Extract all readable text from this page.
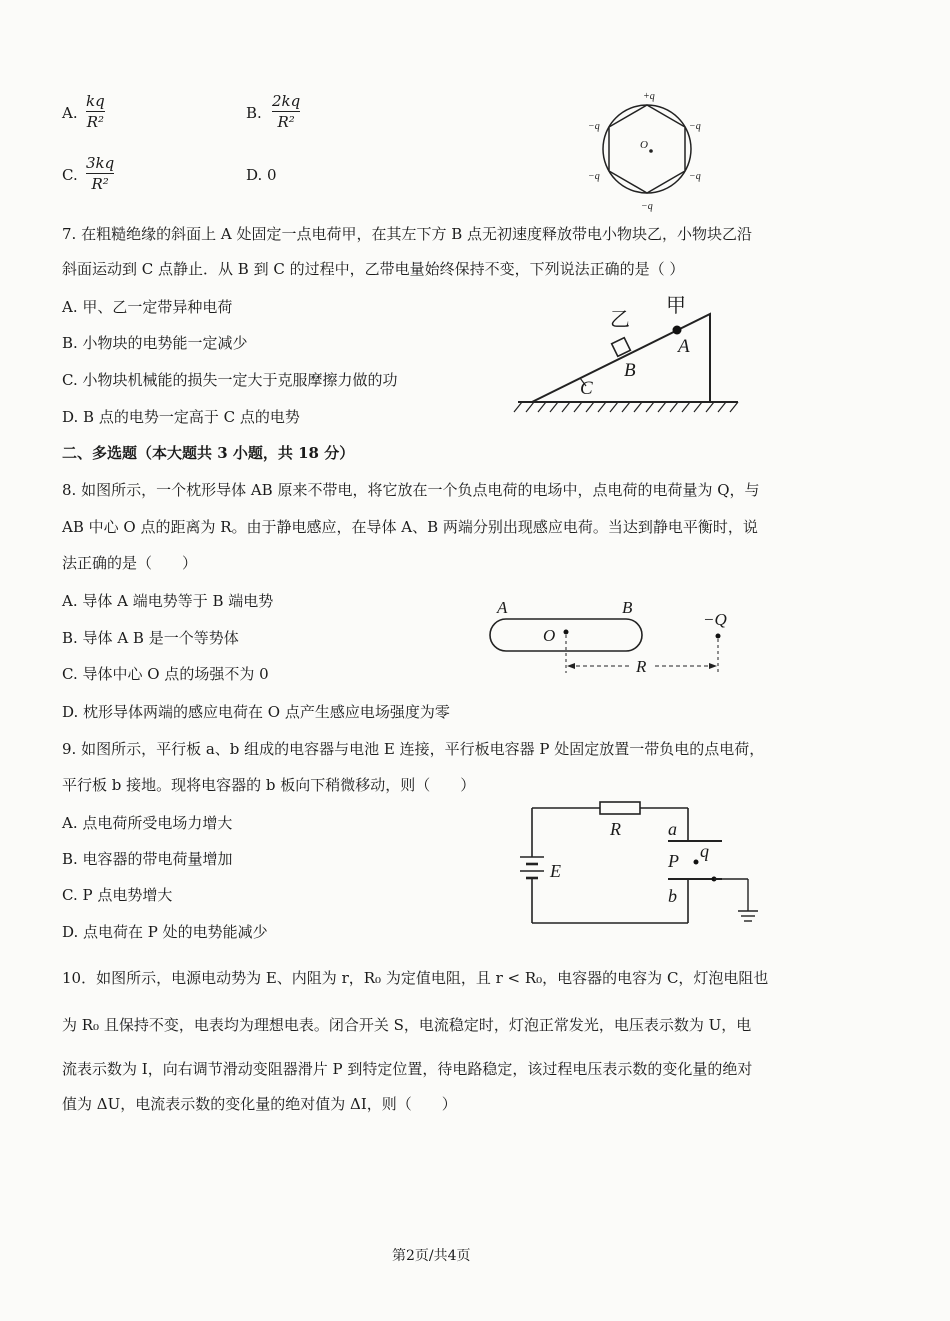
A.
kq
R²	B.
2kq
R²
C.
3kq
R²	D. 0
O
+q
−q	−q
−q	−q
−q
7. 在粗糙绝缘的斜面上 A 处固定一点电荷甲，在其左下方 B 点无初速度释放带电小物块乙，小物块乙沿
斜面运动到 C 点静止．从 B 到 C 的过程中，乙带电量始终保持不变，下列说法正确的是（ ）
A. 甲、乙一定带异种电荷
B. 小物块的电势能一定减少
C. 小物块机械能的损失一定大于克服摩擦力做的功
D. B 点的电势一定高于 C 点的电势
乙
甲
A
B
C
二、多选题（本大题共 3 小题，共 18 分）
8. 如图所示，一个枕形导体 AB 原来不带电，将它放在一个负点电荷的电场中，点电荷的电荷量为 Q，与
AB 中心 O 点的距离为 R。由于静电感应，在导体 A、B 两端分别出现感应电荷。当达到静电平衡时，说
法正确的是（　　）
A. 导体 A 端电势等于 B 端电势
B. 导体 A B 是一个等势体
C. 导体中心 O 点的场强不为 0
D. 枕形导体两端的感应电荷在 O 点产生感应电场强度为零
A	B
O
−Q
R
9. 如图所示，平行板 a、b 组成的电容器与电池 E 连接，平行板电容器 P 处固定放置一带负电的点电荷，
平行板 b 接地。现将电容器的 b 板向下稍微移动，则（　　）
A. 点电荷所受电场力增大
B. 电容器的带电荷量增加
C. P 点电势增大
D. 点电荷在 P 处的电势能减少
R
E
a
b
P q
10．如图所示，电源电动势为 E、内阻为 r，R₀ 为定值电阻，且 r < R₀，电容器的电容为 C，灯泡电阻也
为 R₀ 且保持不变，电表均为理想电表。闭合开关 S，电流稳定时，灯泡正常发光，电压表示数为 U，电
流表示数为 I，向右调节滑动变阻器滑片 P 到特定位置，待电路稳定，该过程电压表示数的变化量的绝对
值为 ΔU，电流表示数的变化量的绝对值为 ΔI，则（　　）
第2页/共4页
